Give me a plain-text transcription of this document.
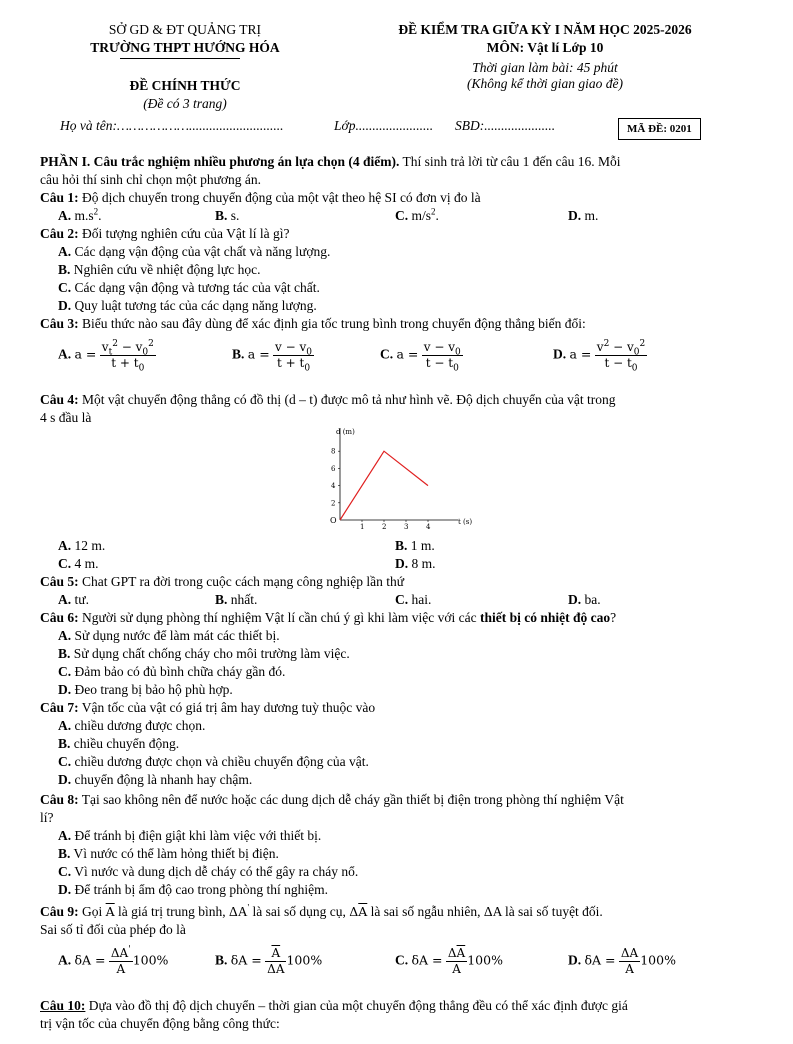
SỞ GD & ĐT QUẢNG TRỊ
TRƯỜNG THPT HƯỚNG HÓA
ĐỀ CHÍNH THỨC
(Đề có 3 trang)
ĐỀ KIỂM TRA GIỮA KỲ I NĂM HỌC 2025-2026
MÔN: Vật lí Lớp 10
Thời gian làm bài: 45 phút
(Không kể thời gian giao đề)
Họ và tên:………………............................	Lớp....................... SBD:.....................	MÃ ĐỀ: 0201
PHẦN I. Câu trắc nghiệm nhiều phương án lựa chọn (4 điểm). Thí sinh trả lời từ câu 1 đến câu 16. Mỗi
câu hỏi thí sinh chỉ chọn một phương án.
Câu 1: Độ dịch chuyển trong chuyển động của một vật theo hệ SI có đơn vị đo là
A. $m.s^2$.	B. s.	C. $m/s^2$.	D. m.
Câu 2: Đối tượng nghiên cứu của Vật lí là gì?
A. Các dạng vận động của vật chất và năng lượng.
B. Nghiên cứu về nhiệt động lực học.
C. Các dạng vận động và tương tác của vật chất.
D. Quy luật tương tác của các dạng năng lượng.
Câu 3: Biểu thức nào sau đây dùng để xác định gia tốc trung bình trong chuyển động thẳng biến đổi:
A. $a = \frac{v_t^2 - v_0^2}{t + t_0}$	B. $a = \frac{v - v_0}{t + t_0}$	C. $a = \frac{v - v_0}{t - t_0}$	D. $a = \frac{v^2 - v_0^2}{t - t_0}$
Câu 4: Một vật chuyển động thẳng có đồ thị (d – t) được mô tả như hình vẽ. Độ dịch chuyển của vật trong
4 s đầu là
d (m)
t (s)
O
1	2	3	4
2
4
6
8
A. 12 m.	B. 1 m.
C. 4 m.	D. 8 m.
Câu 5: Chat GPT ra đời trong cuộc cách mạng công nghiệp lần thứ
A. tư.	B. nhất.	C. hai.	D. ba.
Câu 6: Người sử dụng phòng thí nghiệm Vật lí cần chú ý gì khi làm việc với các thiết bị có nhiệt độ cao?
A. Sử dụng nước để làm mát các thiết bị.
B. Sử dụng chất chống cháy cho môi trường làm việc.
C. Đảm bảo có đủ bình chữa cháy gần đó.
D. Đeo trang bị bảo hộ phù hợp.
Câu 7: Vận tốc của vật có giá trị âm hay dương tuỳ thuộc vào
A. chiều dương được chọn.
B. chiều chuyển động.
C. chiều dương được chọn và chiều chuyển động của vật.
D. chuyển động là nhanh hay chậm.
Câu 8: Tại sao không nên để nước hoặc các dung dịch dễ cháy gần thiết bị điện trong phòng thí nghiệm Vật
lí?
A. Để tránh bị điện giật khi làm việc với thiết bị.
B. Vì nước có thể làm hỏng thiết bị điện.
C. Vì nước và dung dịch dễ cháy có thể gây ra cháy nổ.
D. Để tránh bị ẩm độ cao trong phòng thí nghiệm.
Câu 9: Gọi $\overline{A}$ là giá trị trung bình, ΔA' là sai số dụng cụ, $\Delta\overline{A}$ là sai số ngẫu nhiên, ΔA là sai số tuyệt đối.
Sai số tỉ đối của phép đo là
A. $\delta A = \frac{\Delta A'}{A} 100\%$	B. $\delta A = \frac{\overline{A}}{\Delta\overline{A}} 100\%$	C. $\delta A = \frac{\Delta\overline{A}}{A} 100\%$	D. $\delta A = \frac{\Delta A}{A} 100\%$
Câu 10: Dựa vào đồ thị độ dịch chuyển – thời gian của một chuyển động thẳng đều có thể xác định được giá
trị vận tốc của chuyển động bằng công thức:
